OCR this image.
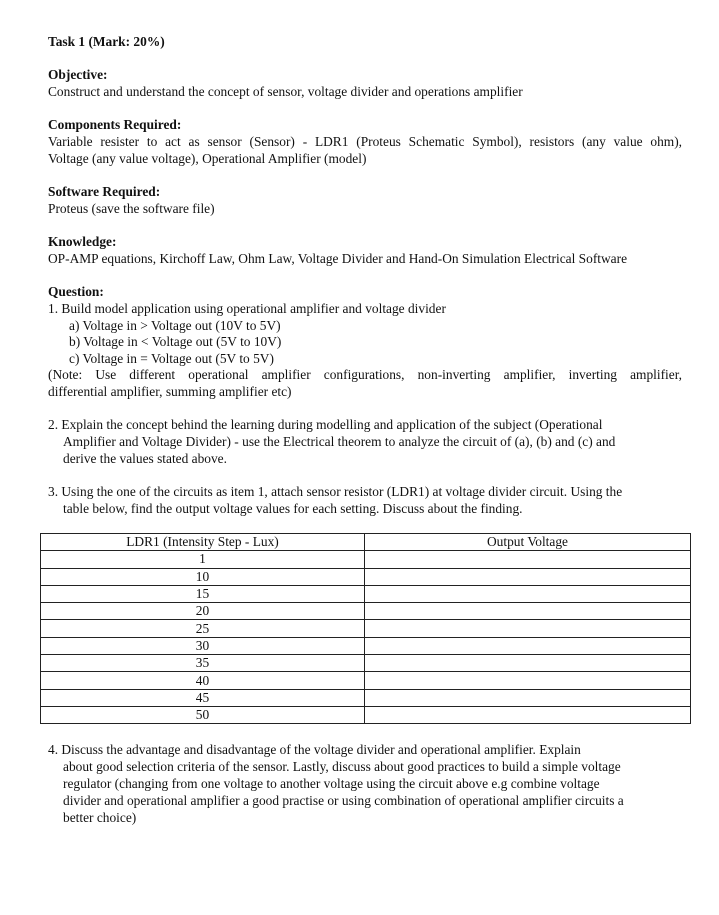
Task 1 (Mark: 20%)
Objective:
Construct and understand the concept of sensor, voltage divider and operations amplifier
Components Required:
Variable resister to act as sensor (Sensor) - LDR1 (Proteus Schematic Symbol), resistors (any value ohm),
Voltage (any value voltage), Operational Amplifier (model)
Software Required:
Proteus (save the software file)
Knowledge:
OP-AMP equations, Kirchoff Law, Ohm Law, Voltage Divider and Hand-On Simulation Electrical Software
Question:
1. Build model application using operational amplifier and voltage divider
a) Voltage in > Voltage out (10V to 5V)
b) Voltage in < Voltage out (5V to 10V)
c) Voltage in = Voltage out (5V to 5V)
(Note: Use different operational amplifier configurations, non-inverting amplifier, inverting amplifier,
differential amplifier, summing amplifier etc)
2. Explain the concept behind the learning during modelling and application of the subject (Operational
Amplifier and Voltage Divider) - use the Electrical theorem to analyze the circuit of (a), (b) and (c) and
derive the values stated above.
3. Using the one of the circuits as item 1, attach sensor resistor (LDR1) at voltage divider circuit. Using the
table below, find the output voltage values for each setting. Discuss about the finding.
LDR1 (Intensity Step - Lux)	Output Voltage
1	
10	
15	
20	
25	
30	
35	
40	
45	
50	
4. Discuss the advantage and disadvantage of the voltage divider and operational amplifier. Explain
about good selection criteria of the sensor. Lastly, discuss about good practices to build a simple voltage
regulator (changing from one voltage to another voltage using the circuit above e.g combine voltage
divider and operational amplifier a good practise or using combination of operational amplifier circuits a
better choice)
